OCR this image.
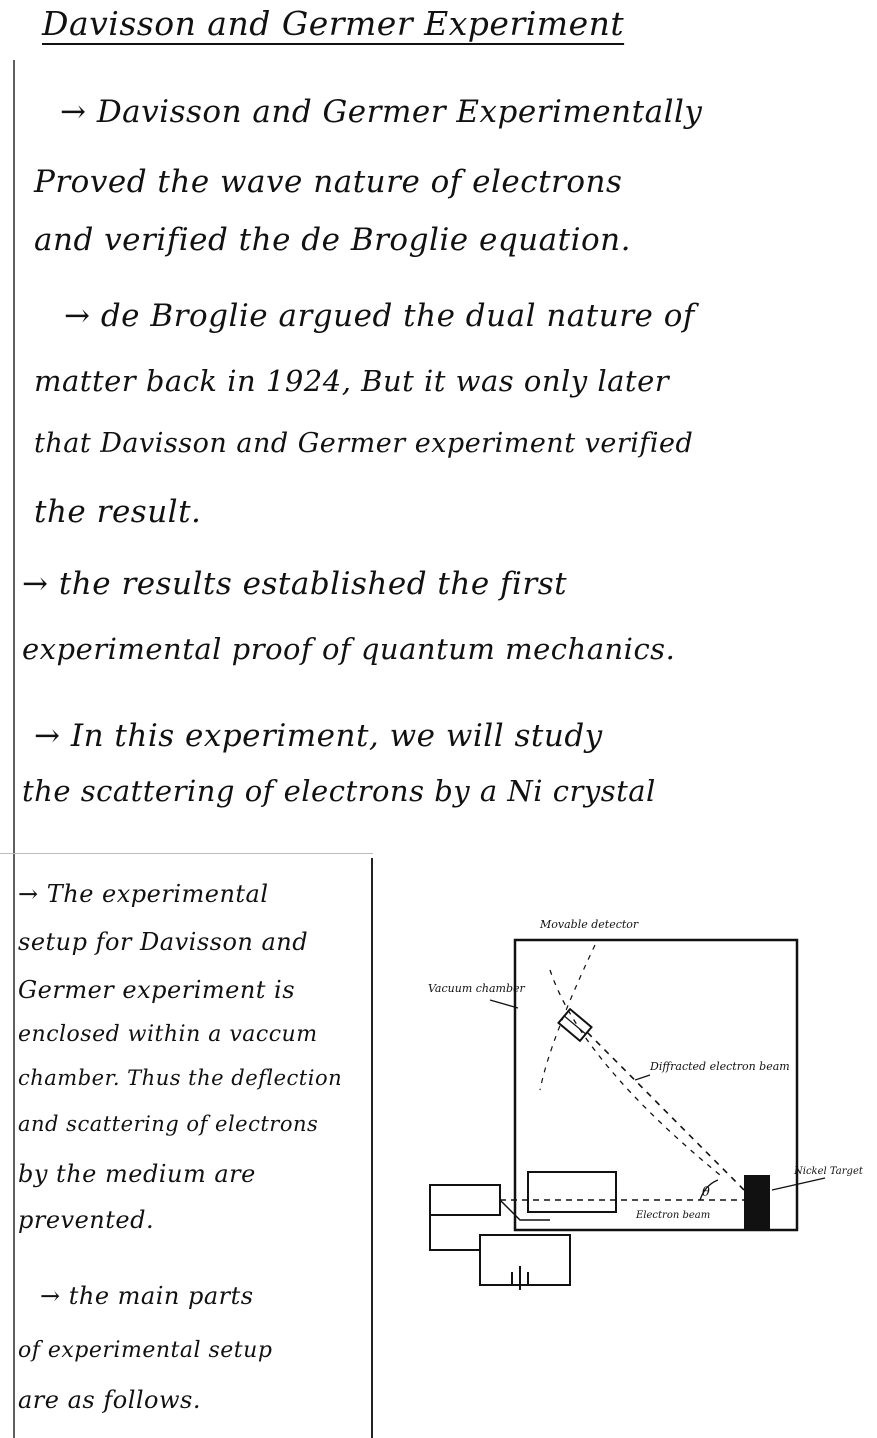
Davisson and Germer Experiment
→ Davisson and Germer Experimentally
Proved the wave nature of electrons
and verified the de Broglie equation.
→ de Broglie argued the dual nature of
matter back in 1924, But it was only later
that Davisson and Germer experiment verified
the result.
→ the results established the first
experimental proof of quantum mechanics.
→ In this experiment, we will study
the scattering of electrons by a Ni crystal
→ The experimental
setup for Davisson and
Germer experiment is
enclosed within a vaccum
chamber. Thus the deflection
and scattering of electrons
by the medium are
prevented.
→ the main parts
of experimental setup
are as follows.
Vacuum chamber
Movable detector
Diffracted electron beam
Electron beam
Nickel Target
θ
